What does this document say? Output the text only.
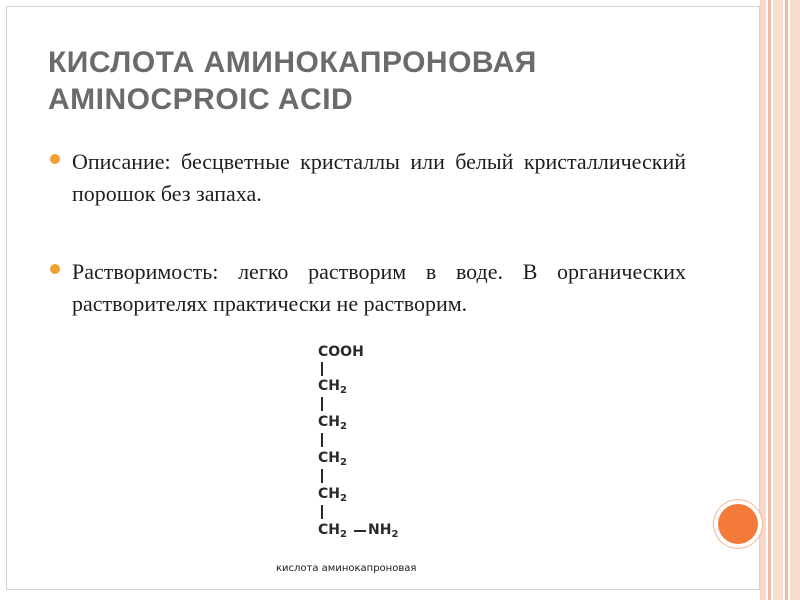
КИСЛОТА АМИНОКАПРОНОВАЯ
AMINOCPROIC ACID
Описание: бесцветные кристаллы или белый кристаллический порошок без запаха.
Растворимость: легко растворим в воде. В органических растворителях практически не растворим.
COOH
$CH_2$
$CH_2$
$CH_2$
$CH_2$
$CH_2$ $NH_2$
кислота аминокапроновая
